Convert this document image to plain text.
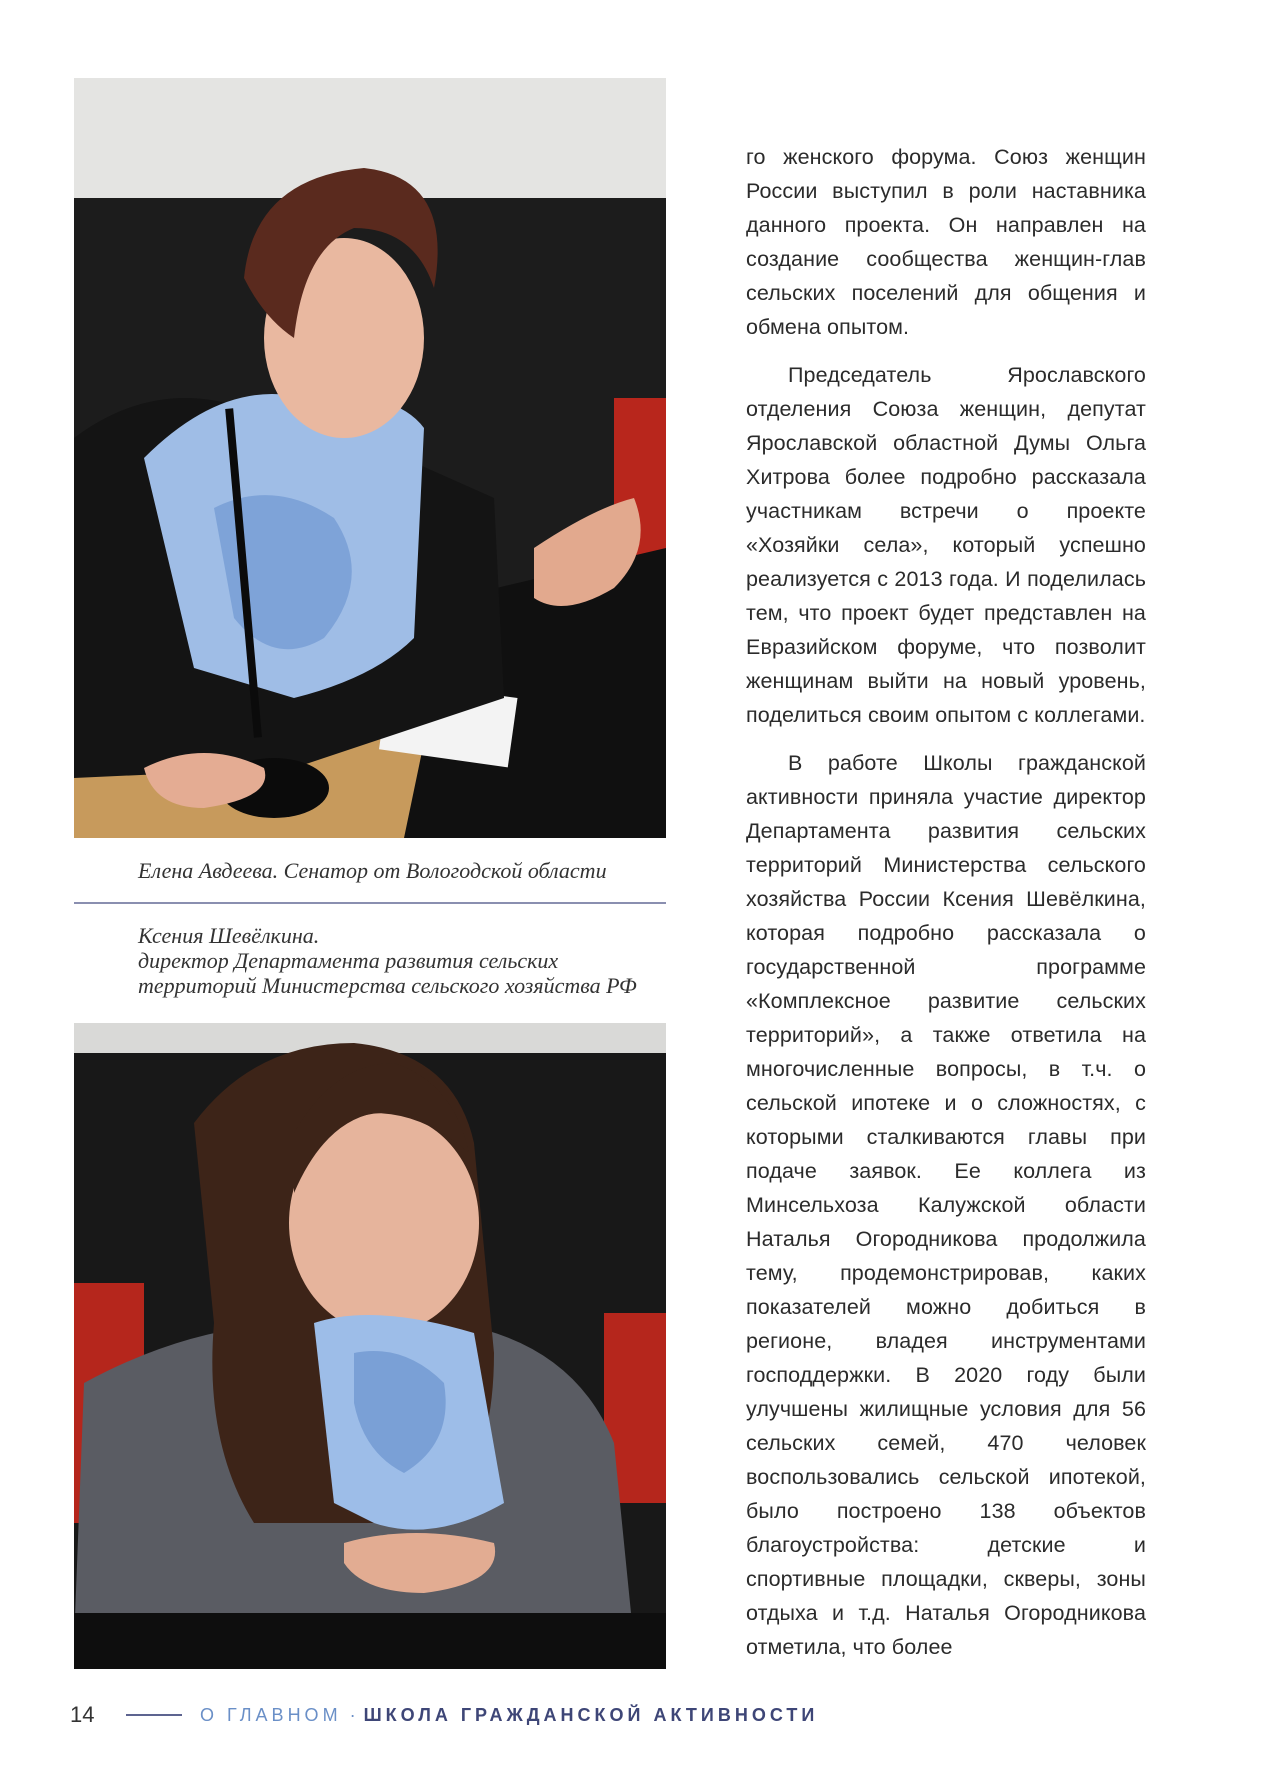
Елена Авдеева. Сенатор от Вологодской области
Ксения Шевёлкина.
директор Департамента развития сельских
территорий Министерства сельского хозяйства РФ

го женского форума. Союз женщин России выступил в роли наставника данного проекта. Он направлен на создание сообщества женщин-глав сельских поселений для общения и обмена опытом.

Председатель Ярославского отделения Союза женщин, депутат Ярославской областной Думы Ольга Хитрова более подробно рассказала участникам встречи о проекте «Хозяйки села», который успешно реализуется с 2013 года. И поделилась тем, что проект будет представлен на Евразийском форуме, что позволит женщинам выйти на новый уровень, поделиться своим опытом с коллегами.

В работе Школы гражданской активности приняла участие директор Департамента развития сельских территорий Министерства сельского хозяйства России Ксения Шевёлкина, которая подробно рассказала о государственной программе «Комплексное развитие сельских территорий», а также ответила на многочисленные вопросы, в т.ч. о сельской ипотеке и о сложностях, с которыми сталкиваются главы при подаче заявок. Ее коллега из Минсельхоза Калужской области Наталья Огородникова продолжила тему, продемонстрировав, каких показателей можно добиться в регионе, владея инструментами господдержки. В 2020 году были улучшены жилищные условия для 56 сельских семей, 470 человек воспользовались сельской ипотекой, было построено 138 объектов благоустройства: детские и спортивные площадки, скверы, зоны отдыха и т.д. Наталья Огородникова отметила, что более

14	О ГЛАВНОМ · ШКОЛА ГРАЖДАНСКОЙ АКТИВНОСТИ
